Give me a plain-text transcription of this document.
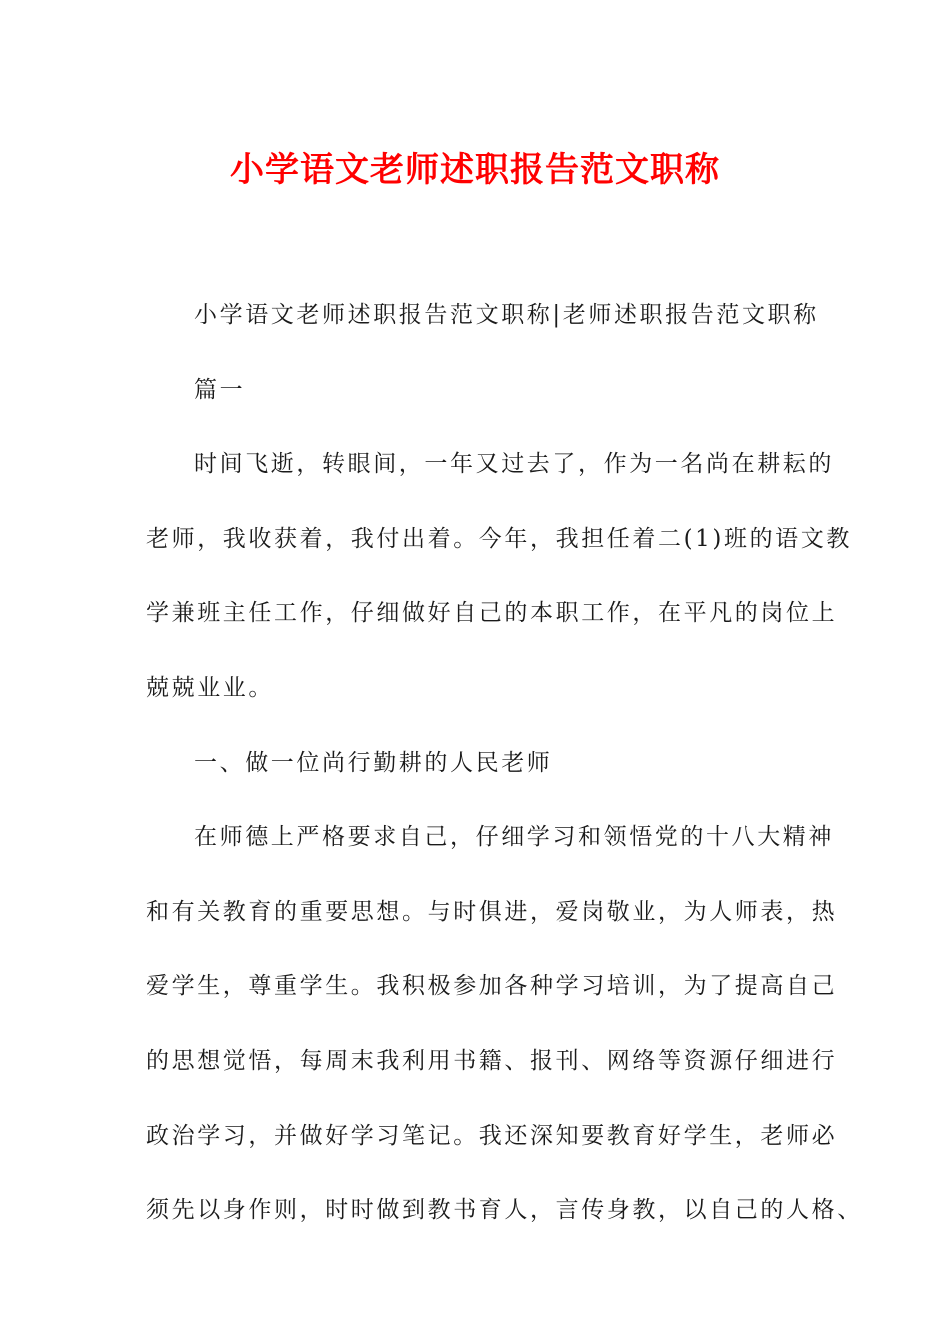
小学语文老师述职报告范文职称
小学语文老师述职报告范文职称|老师述职报告范文职称
篇一
时间飞逝，转眼间，一年又过去了，作为一名尚在耕耘的
老师，我收获着，我付出着。今年，我担任着二(1)班的语文教
学兼班主任工作，仔细做好自己的本职工作，在平凡的岗位上
兢兢业业。
一、做一位尚行勤耕的人民老师
在师德上严格要求自己，仔细学习和领悟党的十八大精神
和有关教育的重要思想。与时俱进，爱岗敬业，为人师表，热
爱学生，尊重学生。我积极参加各种学习培训，为了提高自己
的思想觉悟，每周末我利用书籍、报刊、网络等资源仔细进行
政治学习，并做好学习笔记。我还深知要教育好学生，老师必
须先以身作则，时时做到教书育人，言传身教，以自己的人格、
